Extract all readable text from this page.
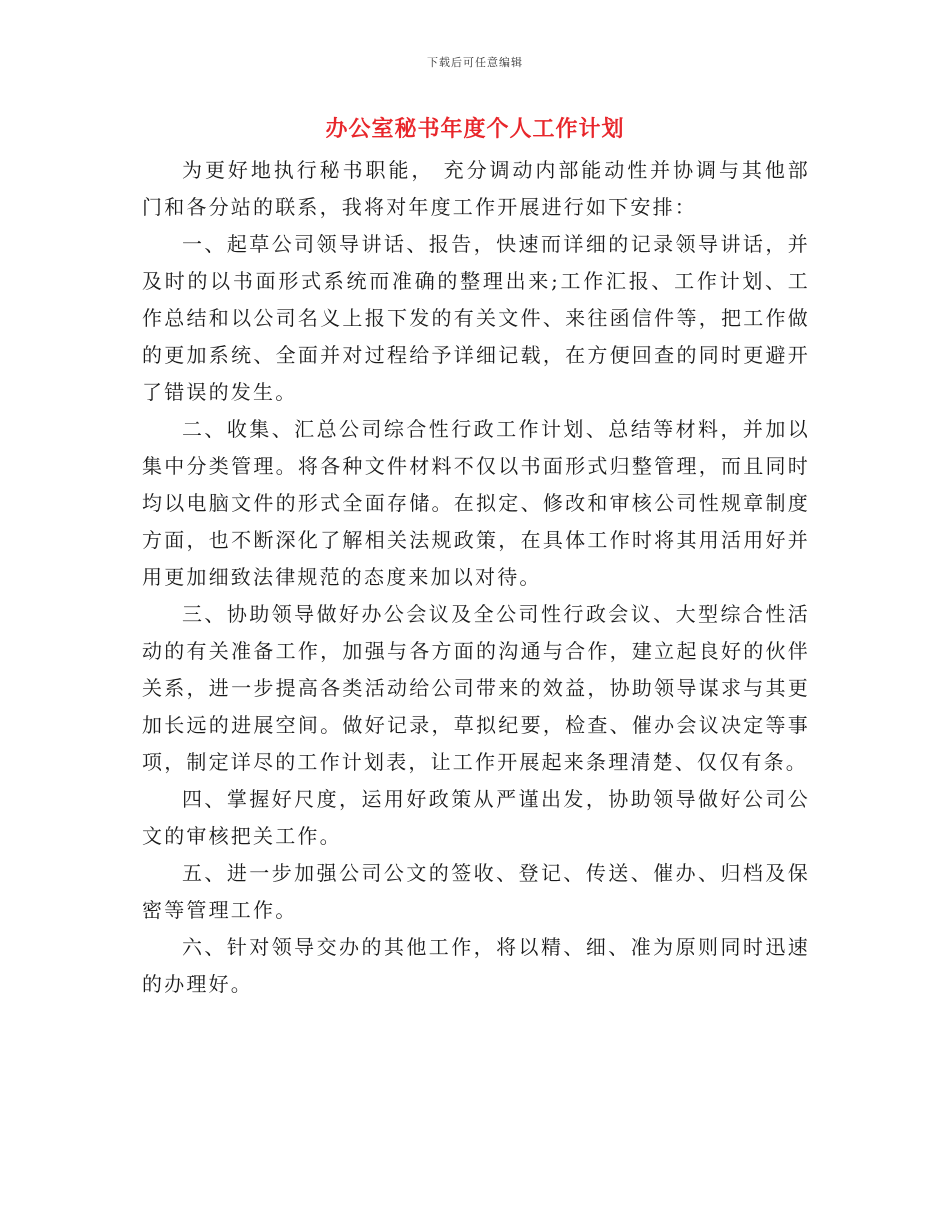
下载后可任意编辑
办公室秘书年度个人工作计划

为更好地执行秘书职能， 充分调动内部能动性并协调与其他部门和各分站的联系，我将对年度工作开展进行如下安排：

一、起草公司领导讲话、报告，快速而详细的记录领导讲话，并及时的以书面形式系统而准确的整理出来;工作汇报、工作计划、工作总结和以公司名义上报下发的有关文件、来往函信件等，把工作做的更加系统、全面并对过程给予详细记载，在方便回查的同时更避开了错误的发生。

二、收集、汇总公司综合性行政工作计划、总结等材料，并加以集中分类管理。将各种文件材料不仅以书面形式归整管理，而且同时均以电脑文件的形式全面存储。在拟定、修改和审核公司性规章制度方面，也不断深化了解相关法规政策，在具体工作时将其用活用好并用更加细致法律规范的态度来加以对待。

三、协助领导做好办公会议及全公司性行政会议、大型综合性活动的有关准备工作，加强与各方面的沟通与合作，建立起良好的伙伴关系，进一步提高各类活动给公司带来的效益，协助领导谋求与其更加长远的进展空间。做好记录，草拟纪要，检查、催办会议决定等事项，制定详尽的工作计划表，让工作开展起来条理清楚、仅仅有条。

四、掌握好尺度，运用好政策从严谨出发，协助领导做好公司公文的审核把关工作。

五、进一步加强公司公文的签收、登记、传送、催办、归档及保密等管理工作。

六、针对领导交办的其他工作，将以精、细、准为原则同时迅速的办理好。
